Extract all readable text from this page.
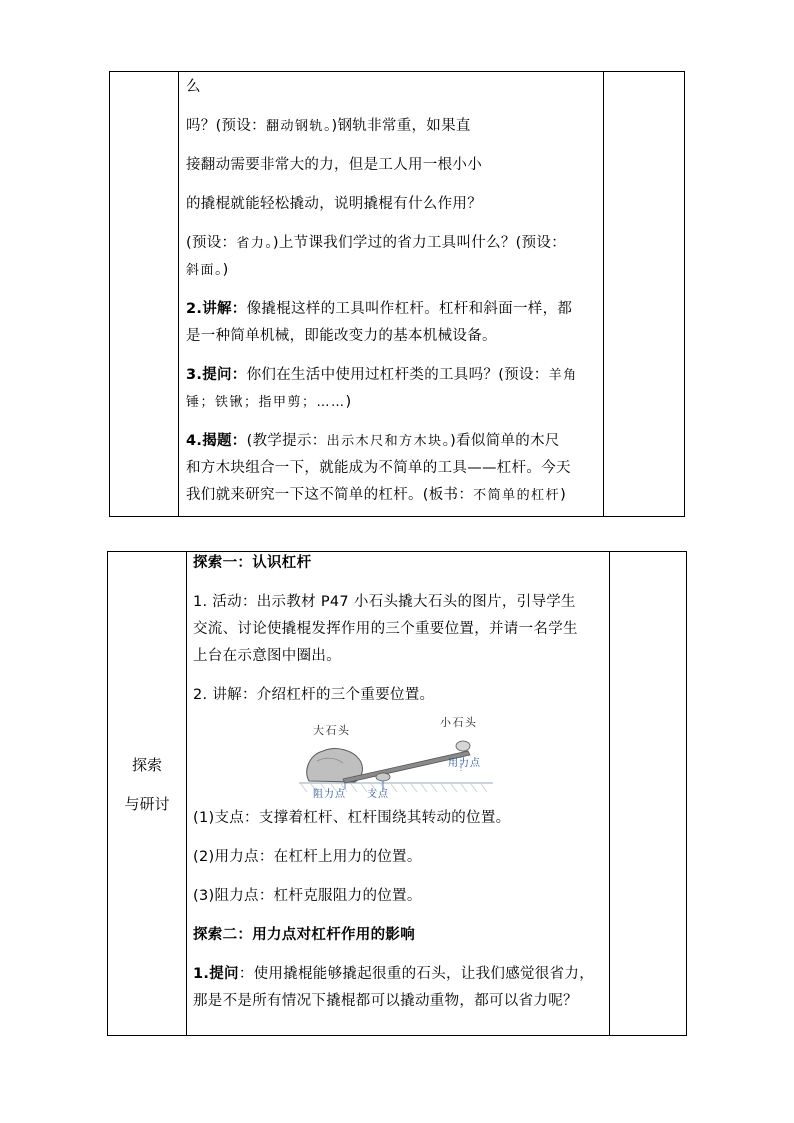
么
吗？(预设：翻动钢轨。)钢轨非常重，如果直
接翻动需要非常大的力，但是工人用一根小小
的撬棍就能轻松撬动，说明撬棍有什么作用？
(预设：省力。)上节课我们学过的省力工具叫什么？(预设：
斜面。)
2.讲解：像撬棍这样的工具叫作杠杆。杠杆和斜面一样，都
是一种简单机械，即能改变力的基本机械设备。
3.提问：你们在生活中使用过杠杆类的工具吗？(预设：羊角
锤；铁锹；指甲剪；……)
4.揭题：(教学提示：出示木尺和方木块。)看似简单的木尺
和方木块组合一下，就能成为不简单的工具——杠杆。今天
我们就来研究一下这不简单的杠杆。(板书：不简单的杠杆)
探索
与研讨
探索一：认识杠杆
1. 活动：出示教材 P47 小石头撬大石头的图片，引导学生
交流、讨论使撬棍发挥作用的三个重要位置，并请一名学生
上台在示意图中圈出。
2. 讲解：介绍杠杆的三个重要位置。
大石头
小石头
用力点
阻力点 支点
(1)支点：支撑着杠杆、杠杆围绕其转动的位置。
(2)用力点：在杠杆上用力的位置。
(3)阻力点：杠杆克服阻力的位置。
探索二：用力点对杠杆作用的影响
1.提问：使用撬棍能够撬起很重的石头，让我们感觉很省力，
那是不是所有情况下撬棍都可以撬动重物，都可以省力呢？
